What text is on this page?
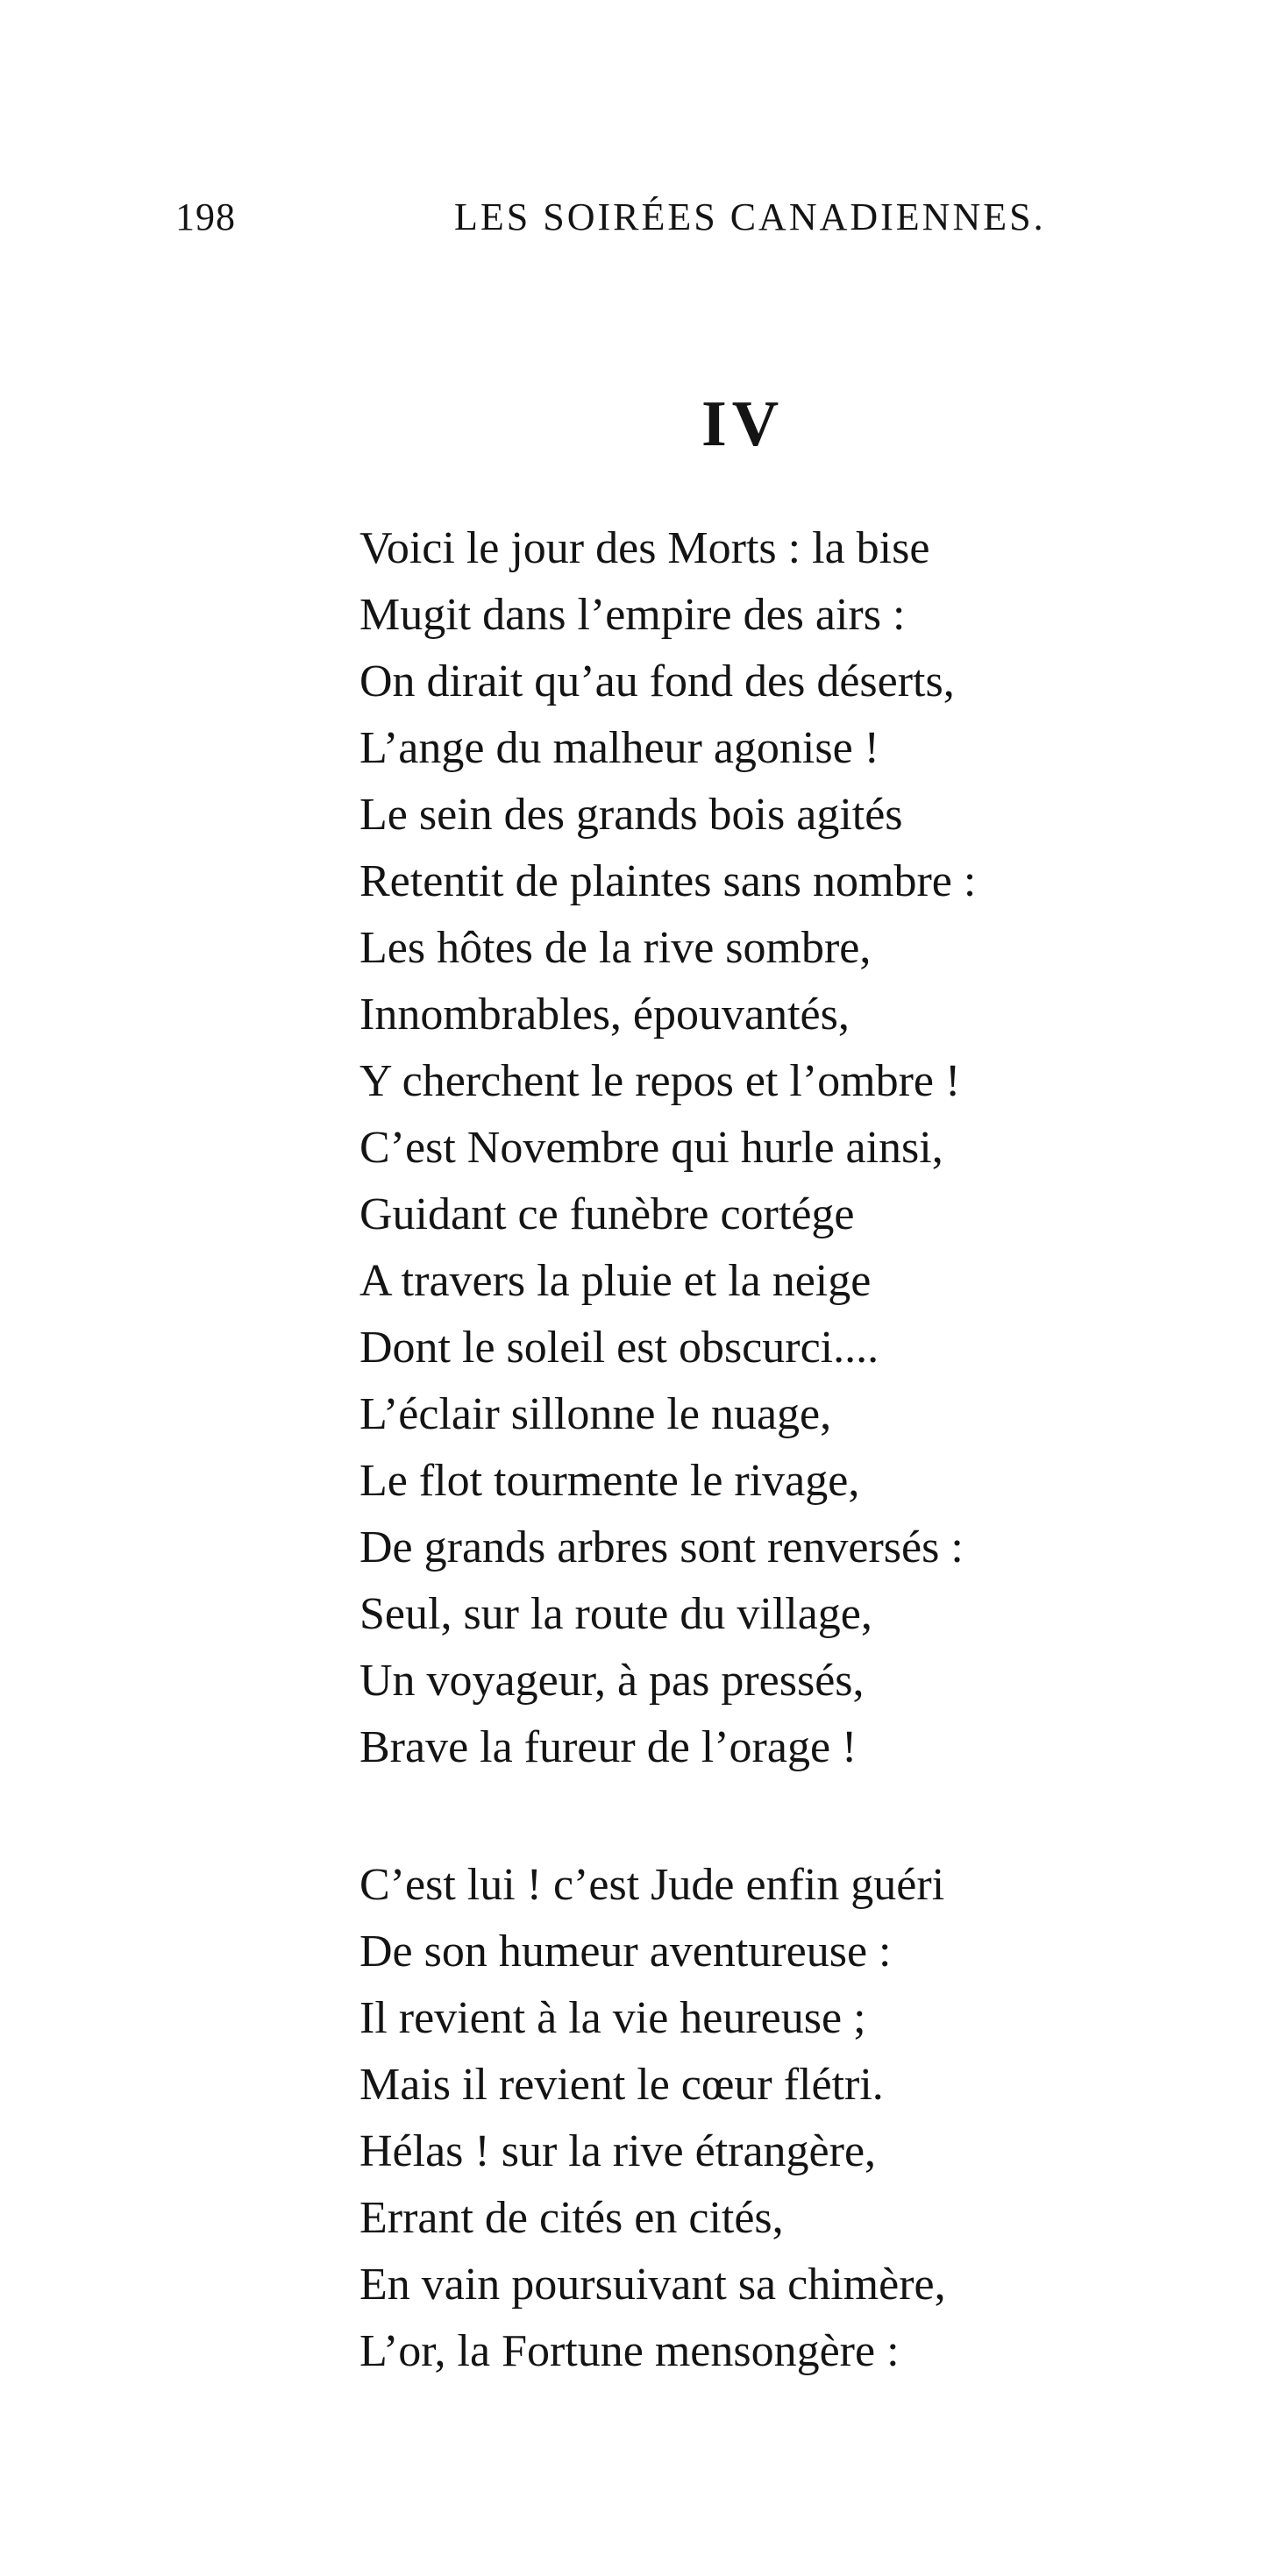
198	LES SOIRÉES CANADIENNES.
IV
Voici le jour des Morts : la bise
Mugit dans l’empire des airs :
On dirait qu’au fond des déserts,
L’ange du malheur agonise !
Le sein des grands bois agités
Retentit de plaintes sans nombre :
Les hôtes de la rive sombre,
Innombrables, épouvantés,
Y cherchent le repos et l’ombre !
C’est Novembre qui hurle ainsi,
Guidant ce funèbre cortége
A travers la pluie et la neige
Dont le soleil est obscurci....
L’éclair sillonne le nuage,
Le flot tourmente le rivage,
De grands arbres sont renversés :
Seul, sur la route du village,
Un voyageur, à pas pressés,
Brave la fureur de l’orage !
C’est lui ! c’est Jude enfin guéri
De son humeur aventureuse :
Il revient à la vie heureuse ;
Mais il revient le cœur flétri.
Hélas ! sur la rive étrangère,
Errant de cités en cités,
En vain poursuivant sa chimère,
L’or, la Fortune mensongère :
